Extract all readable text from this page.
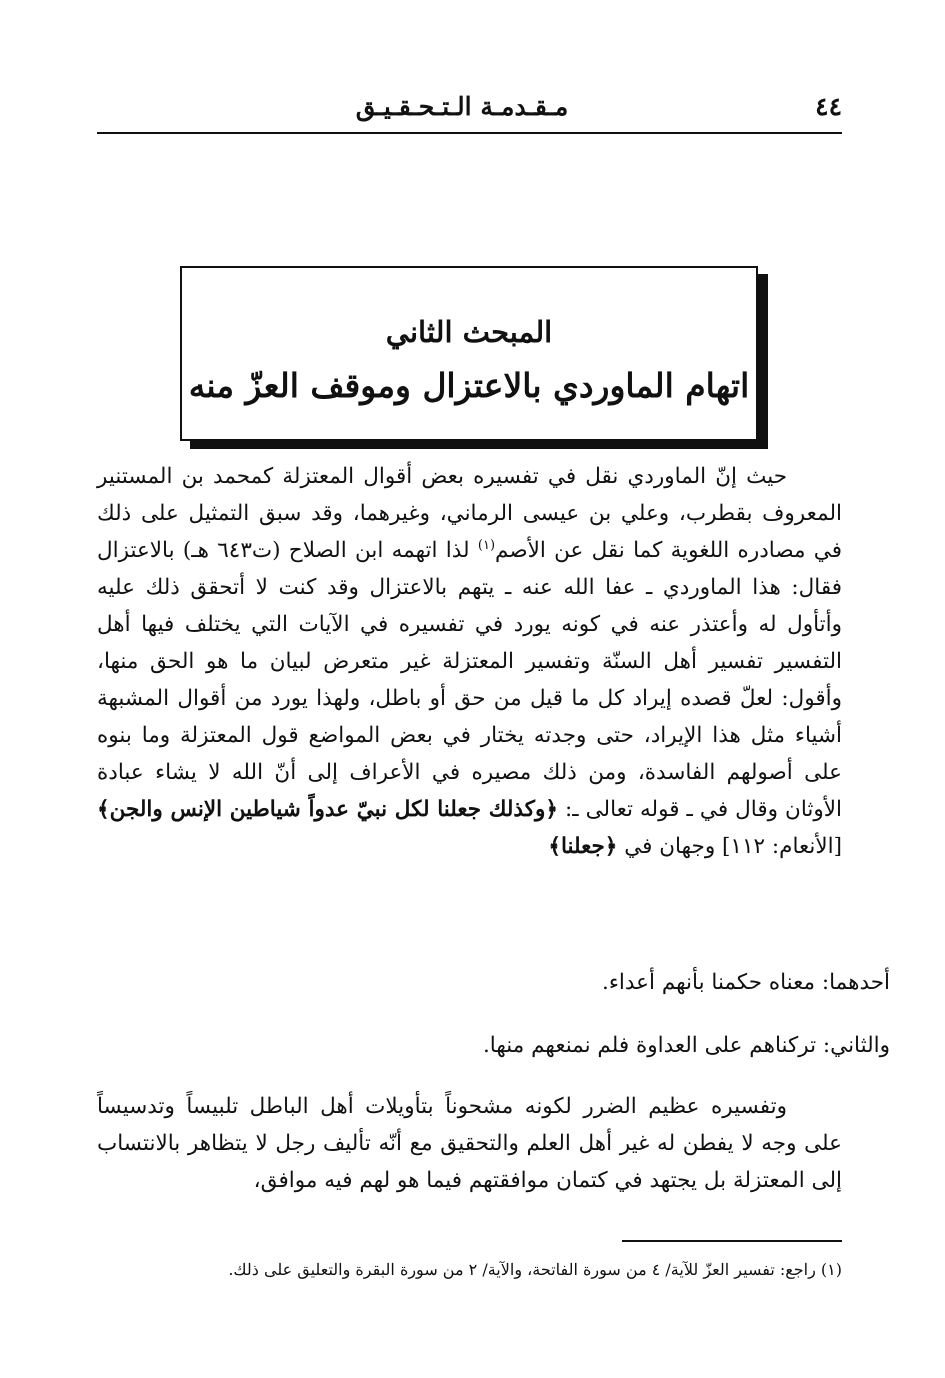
٤٤
مـقـدمـة الـتـحـقـيـق
المبحث الثاني
اتهام الماوردي بالاعتزال وموقف العزّ منه

حيث إنّ الماوردي نقل في تفسيره بعض أقوال المعتزلة كمحمد بن المستنير المعروف بقطرب، وعلي بن عيسى الرماني، وغيرهما، وقد سبق التمثيل على ذلك في مصادره اللغوية كما نقل عن الأصم$^{(١)}$ لذا اتهمه ابن الصلاح (ت٦٤٣ هـ) بالاعتزال فقال: هذا الماوردي ـ عفا الله عنه ـ يتهم بالاعتزال وقد كنت لا أتحقق ذلك عليه وأتأول له وأعتذر عنه في كونه يورد في تفسيره في الآيات التي يختلف فيها أهل التفسير تفسير أهل السنّة وتفسير المعتزلة غير متعرض لبيان ما هو الحق منها، وأقول: لعلّ قصده إيراد كل ما قيل من حق أو باطل، ولهذا يورد من أقوال المشبهة أشياء مثل هذا الإيراد، حتى وجدته يختار في بعض المواضع قول المعتزلة وما بنوه على أصولهم الفاسدة، ومن ذلك مصيره في الأعراف إلى أنّ الله لا يشاء عبادة الأوثان وقال في ـ قوله تعالى ـ: ﴿وكذلك جعلنا لكل نبيّ عدواً شياطين الإنس والجن﴾ [الأنعام: ١١٢] وجهان في ﴿جعلنا﴾

أحدهما: معناه حكمنا بأنهم أعداء.
والثاني: تركناهم على العداوة فلم نمنعهم منها.

وتفسيره عظيم الضرر لكونه مشحوناً بتأويلات أهل الباطل تلبيساً وتدسيساً على وجه لا يفطن له غير أهل العلم والتحقيق مع أنّه تأليف رجل لا يتظاهر بالانتساب إلى المعتزلة بل يجتهد في كتمان موافقتهم فيما هو لهم فيه موافق،

(١) راجع: تفسير العزّ للآية/ ٤ من سورة الفاتحة، والآية/ ٢ من سورة البقرة والتعليق على ذلك.
